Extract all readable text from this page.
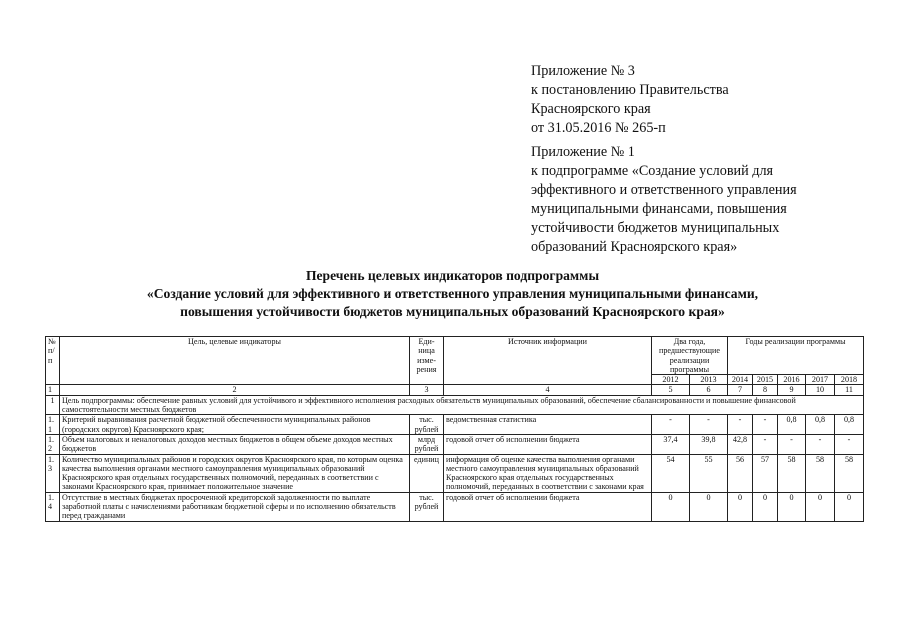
Приложение № 3
к постановлению Правительства
Красноярского края
от 31.05.2016 № 265-п
Приложение № 1
к подпрограмме «Создание условий для
эффективного и ответственного управления
муниципальными финансами, повышения
устойчивости бюджетов муниципальных
образований Красноярского края»
Перечень целевых индикаторов подпрограммы
«Создание условий для эффективного и ответственного управления муниципальными финансами,
повышения устойчивости бюджетов муниципальных образований Красноярского края»
№ п/п	Цель, целевые индикаторы	Еди-ница изме-рения	Источник информации	Два года, предшествующие реализации программы		Годы реализации программы				
				2012	2013	2014	2015	2016	2017	2018
1	2	3	4	5	6	7	8	9	10	11
1	Цель подпрограммы: обеспечение равных условий для устойчивого и эффективного исполнения расходных обязательств муниципальных образований, обеспечение сбалансированности и повышение финансовой самостоятельности местных бюджетов									
1.1	Критерий выравнивания расчетной бюджетной обеспеченности муниципальных районов (городских округов) Красноярского края;	тыс. рублей	ведомственная статистика	-	-	-	-	0,8	0,8	0,8
1.2	Объем налоговых и неналоговых доходов местных бюджетов в общем объеме доходов местных бюджетов	млрд рублей	годовой отчет об исполнении бюджета	37,4	39,8	42,8	-	-	-	-
1.3	Количество муниципальных районов и городских округов Красноярского края, по которым оценка качества выполнения органами местного самоуправления муниципальных образований Красноярского края отдельных государственных полномочий, переданных в соответствии с законами Красноярского края, принимает положительное значение	единиц	информация об оценке качества выполнения органами местного самоуправления муниципальных образований Красноярского края отдельных государственных полномочий, переданных в соответствии с законами края	54	55	56	57	58	58	58
1.4	Отсутствие в местных бюджетах просроченной кредиторской задолженности по выплате заработной платы с начислениями работникам бюджетной сферы и по исполнению обязательств перед гражданами	тыс. рублей	годовой отчет об исполнении бюджета	0	0	0	0	0	0	0
